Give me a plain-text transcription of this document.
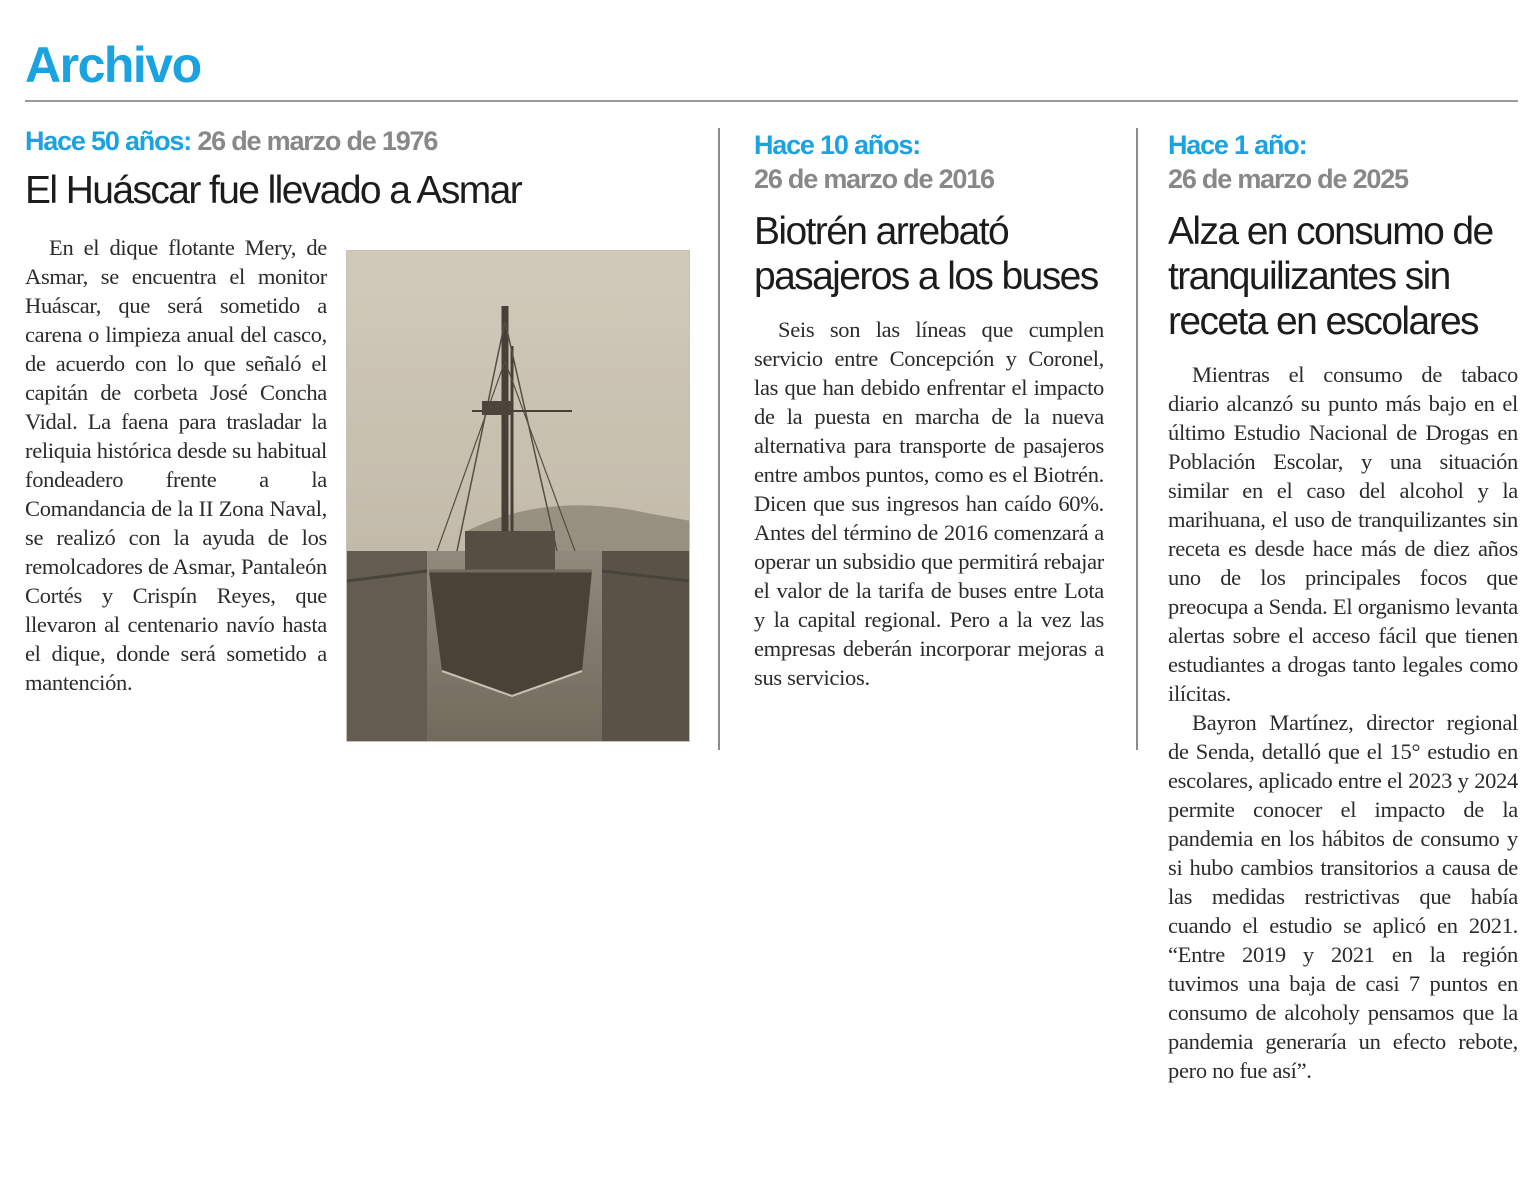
Archivo
Hace 50 años: 26 de marzo de 1976
El Huáscar fue llevado a Asmar

En el dique flotante Mery, de Asmar, se encuentra el monitor Huáscar, que será sometido a carena o limpieza anual del casco, de acuerdo con lo que señaló el capitán de corbeta José Concha Vidal. La faena para trasladar la reliquia histórica desde su habitual fondeadero frente a la Comandancia de la II Zona Naval, se realizó con la ayuda de los remolcadores de Asmar, Pantaleón Cortés y Crispín Reyes, que llevaron al centenario navío hasta el dique, donde será sometido a mantención.

Hace 10 años:
26 de marzo de 2016
Biotrén arrebató pasajeros a los buses

Seis son las líneas que cumplen servicio entre Concepción y Coronel, las que han debido enfrentar el impacto de la puesta en marcha de la nueva alternativa para transporte de pasajeros entre ambos puntos, como es el Biotrén. Dicen que sus ingresos han caído 60%. Antes del término de 2016 comenzará a operar un subsidio que permitirá rebajar el valor de la tarifa de buses entre Lota y la capital regional. Pero a la vez las empresas deberán incorporar mejoras a sus servicios.

Hace 1 año:
26 de marzo de 2025
Alza en consumo de tranquilizantes sin receta en escolares

Mientras el consumo de tabaco diario alcanzó su punto más bajo en el último Estudio Nacional de Drogas en Población Escolar, y una situación similar en el caso del alcohol y la marihuana, el uso de tranquilizantes sin receta es desde hace más de diez años uno de los principales focos que preocupa a Senda. El organismo levanta alertas sobre el acceso fácil que tienen estudiantes a drogas tanto legales como ilícitas.

Bayron Martínez, director regional de Senda, detalló que el 15° estudio en escolares, aplicado entre el 2023 y 2024 permite conocer el impacto de la pandemia en los hábitos de consumo y si hubo cambios transitorios a causa de las medidas restrictivas que había cuando el estudio se aplicó en 2021. “Entre 2019 y 2021 en la región tuvimos una baja de casi 7 puntos en consumo de alcoholy pensamos que la pandemia generaría un efecto rebote, pero no fue así”.
